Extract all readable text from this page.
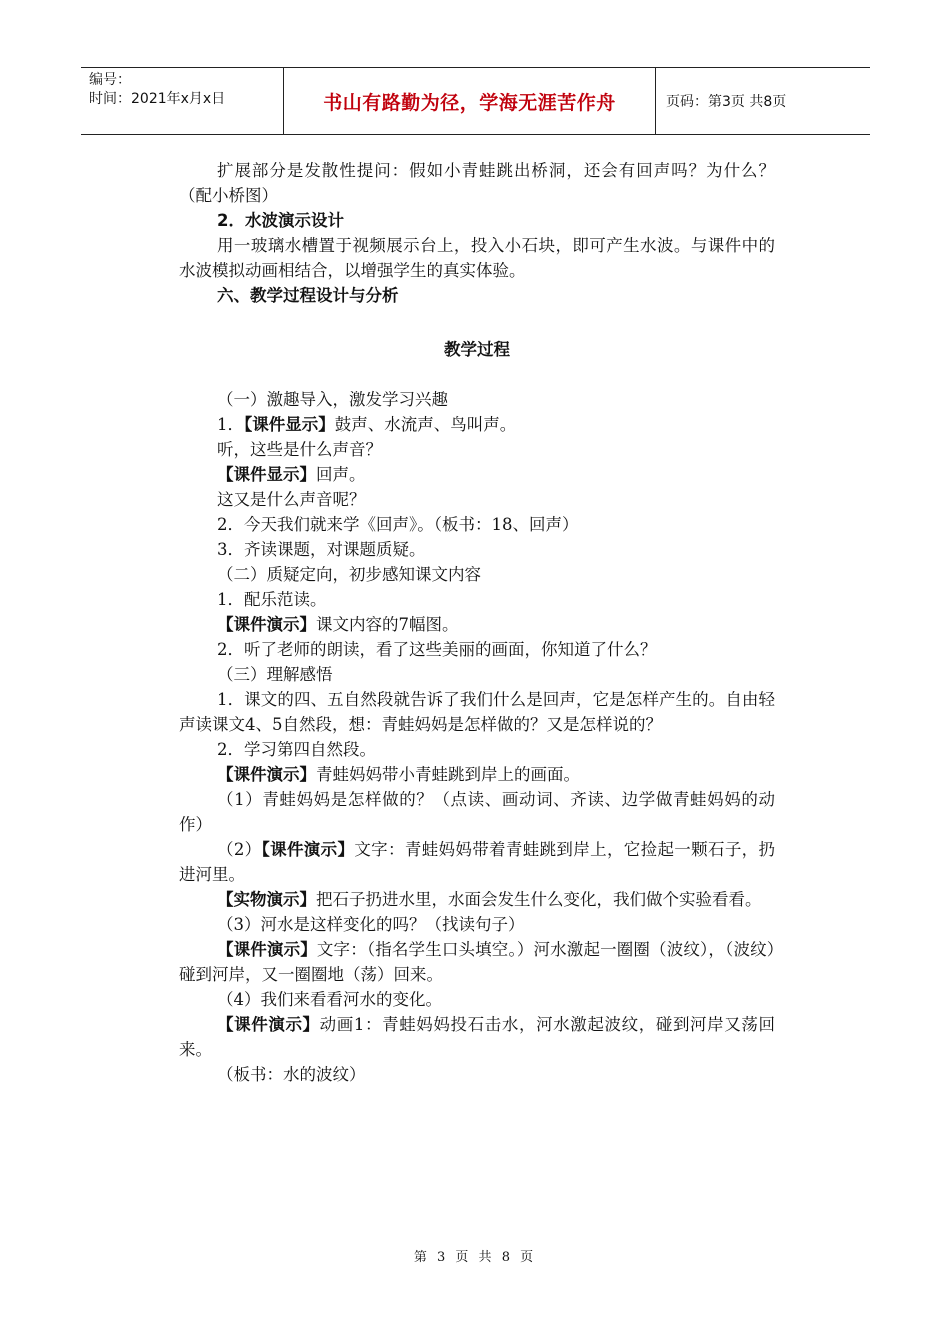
编号：
时间：2021年x月x日	书山有路勤为径，学海无涯苦作舟	页码：第3页 共8页

扩展部分是发散性提问：假如小青蛙跳出桥洞，还会有回声吗？为什么？（配小桥图）

2．水波演示设计

用一玻璃水槽置于视频展示台上，投入小石块，即可产生水波。与课件中的水波模拟动画相结合，以增强学生的真实体验。

六、教学过程设计与分析

教学过程

（一）激趣导入，激发学习兴趣

1．【课件显示】鼓声、水流声、鸟叫声。

听，这些是什么声音？

【课件显示】回声。

这又是什么声音呢？

2．今天我们就来学《回声》。（板书：18、回声）

3．齐读课题，对课题质疑。

（二）质疑定向，初步感知课文内容

1．配乐范读。

【课件演示】课文内容的7幅图。

2．听了老师的朗读，看了这些美丽的画面，你知道了什么？

（三）理解感悟

1．课文的四、五自然段就告诉了我们什么是回声，它是怎样产生的。自由轻声读课文4、5自然段，想：青蛙妈妈是怎样做的？又是怎样说的？

2．学习第四自然段。

【课件演示】青蛙妈妈带小青蛙跳到岸上的画面。

（1）青蛙妈妈是怎样做的？（点读、画动词、齐读、边学做青蛙妈妈的动作）

（2）【课件演示】文字：青蛙妈妈带着青蛙跳到岸上，它捡起一颗石子，扔进河里。

【实物演示】把石子扔进水里，水面会发生什么变化，我们做个实验看看。

（3）河水是这样变化的吗？（找读句子）

【课件演示】文字：（指名学生口头填空。）河水激起一圈圈（波纹），（波纹）碰到河岸，又一圈圈地（荡）回来。

（4）我们来看看河水的变化。

【课件演示】动画1：青蛙妈妈投石击水，河水激起波纹，碰到河岸又荡回来。

（板书：水的波纹）

第 3 页 共 8 页
